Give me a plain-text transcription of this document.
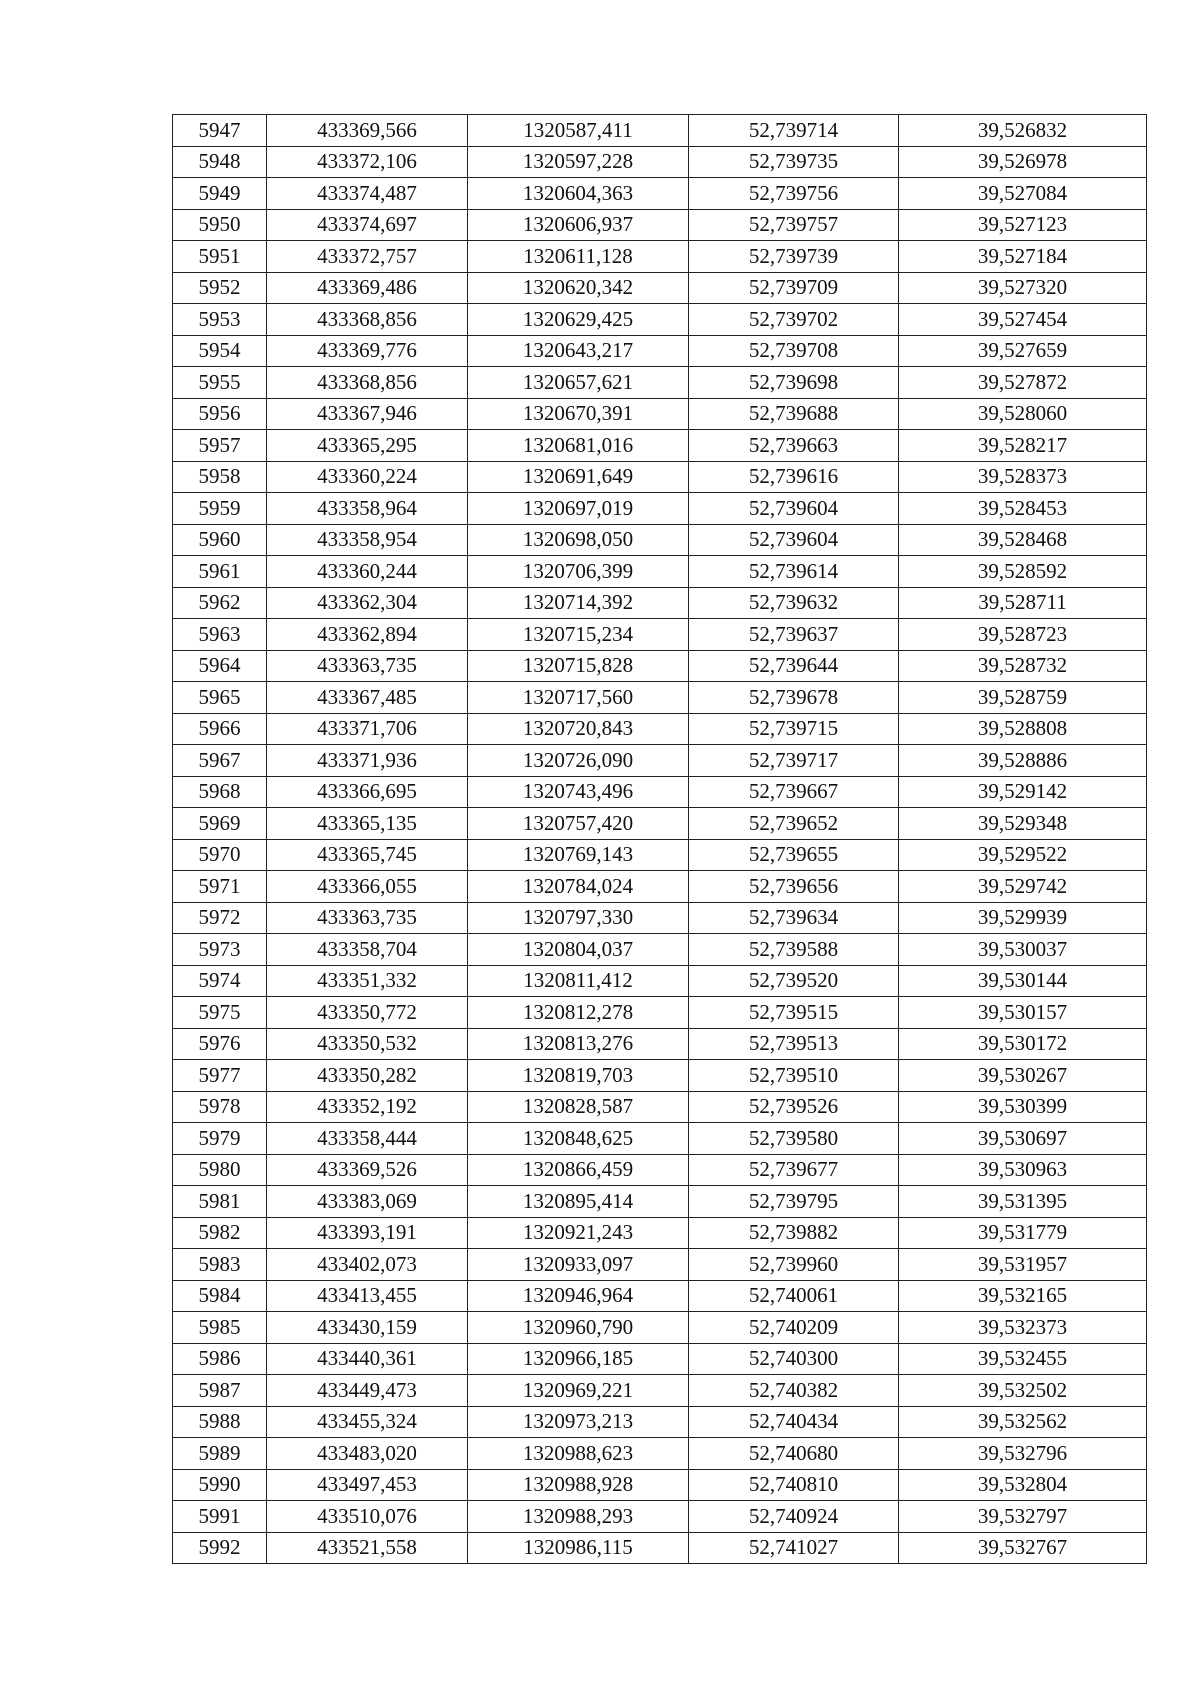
5947	433369,566	1320587,411	52,739714	39,526832
5948	433372,106	1320597,228	52,739735	39,526978
5949	433374,487	1320604,363	52,739756	39,527084
5950	433374,697	1320606,937	52,739757	39,527123
5951	433372,757	1320611,128	52,739739	39,527184
5952	433369,486	1320620,342	52,739709	39,527320
5953	433368,856	1320629,425	52,739702	39,527454
5954	433369,776	1320643,217	52,739708	39,527659
5955	433368,856	1320657,621	52,739698	39,527872
5956	433367,946	1320670,391	52,739688	39,528060
5957	433365,295	1320681,016	52,739663	39,528217
5958	433360,224	1320691,649	52,739616	39,528373
5959	433358,964	1320697,019	52,739604	39,528453
5960	433358,954	1320698,050	52,739604	39,528468
5961	433360,244	1320706,399	52,739614	39,528592
5962	433362,304	1320714,392	52,739632	39,528711
5963	433362,894	1320715,234	52,739637	39,528723
5964	433363,735	1320715,828	52,739644	39,528732
5965	433367,485	1320717,560	52,739678	39,528759
5966	433371,706	1320720,843	52,739715	39,528808
5967	433371,936	1320726,090	52,739717	39,528886
5968	433366,695	1320743,496	52,739667	39,529142
5969	433365,135	1320757,420	52,739652	39,529348
5970	433365,745	1320769,143	52,739655	39,529522
5971	433366,055	1320784,024	52,739656	39,529742
5972	433363,735	1320797,330	52,739634	39,529939
5973	433358,704	1320804,037	52,739588	39,530037
5974	433351,332	1320811,412	52,739520	39,530144
5975	433350,772	1320812,278	52,739515	39,530157
5976	433350,532	1320813,276	52,739513	39,530172
5977	433350,282	1320819,703	52,739510	39,530267
5978	433352,192	1320828,587	52,739526	39,530399
5979	433358,444	1320848,625	52,739580	39,530697
5980	433369,526	1320866,459	52,739677	39,530963
5981	433383,069	1320895,414	52,739795	39,531395
5982	433393,191	1320921,243	52,739882	39,531779
5983	433402,073	1320933,097	52,739960	39,531957
5984	433413,455	1320946,964	52,740061	39,532165
5985	433430,159	1320960,790	52,740209	39,532373
5986	433440,361	1320966,185	52,740300	39,532455
5987	433449,473	1320969,221	52,740382	39,532502
5988	433455,324	1320973,213	52,740434	39,532562
5989	433483,020	1320988,623	52,740680	39,532796
5990	433497,453	1320988,928	52,740810	39,532804
5991	433510,076	1320988,293	52,740924	39,532797
5992	433521,558	1320986,115	52,741027	39,532767
